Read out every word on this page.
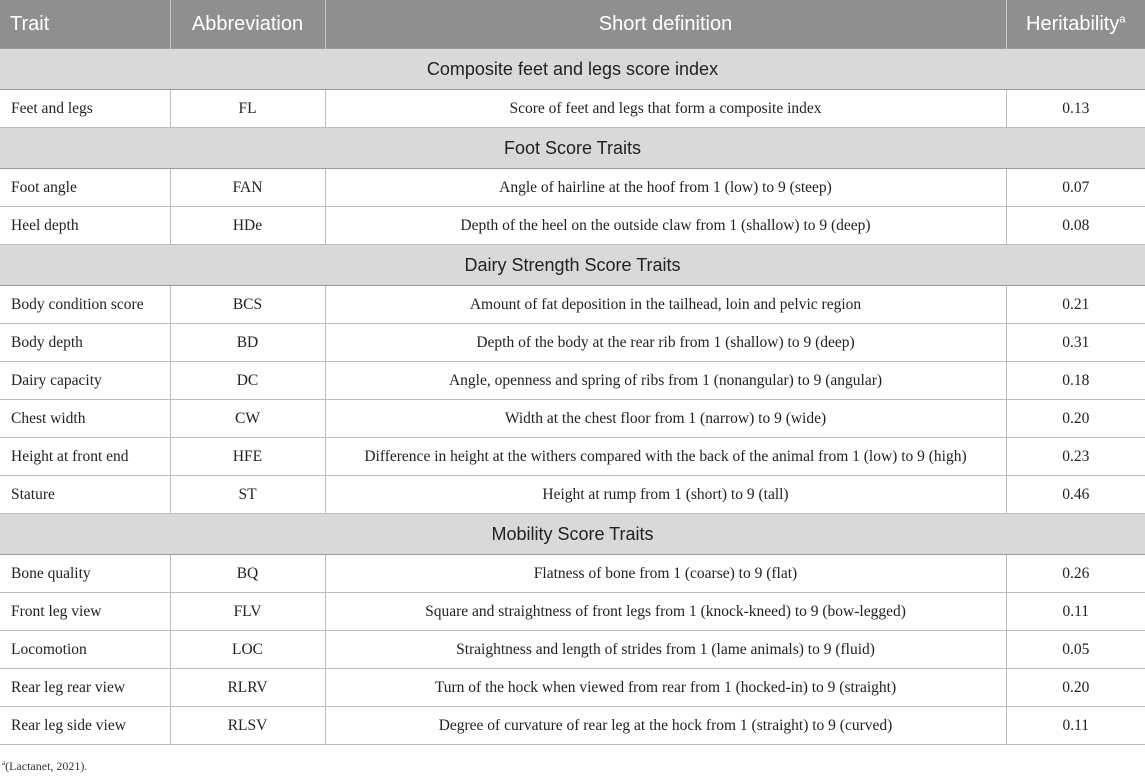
Trait	Abbreviation	Short definition	Heritability$^a$
Composite feet and legs score index			
Feet and legs	FL	Score of feet and legs that form a composite index	0.13
Foot Score Traits			
Foot angle	FAN	Angle of hairline at the hoof from 1 (low) to 9 (steep)	0.07
Heel depth	HDe	Depth of the heel on the outside claw from 1 (shallow) to 9 (deep)	0.08
Dairy Strength Score Traits			
Body condition score	BCS	Amount of fat deposition in the tailhead, loin and pelvic region	0.21
Body depth	BD	Depth of the body at the rear rib from 1 (shallow) to 9 (deep)	0.31
Dairy capacity	DC	Angle, openness and spring of ribs from 1 (nonangular) to 9 (angular)	0.18
Chest width	CW	Width at the chest floor from 1 (narrow) to 9 (wide)	0.20
Height at front end	HFE	Difference in height at the withers compared with the back of the animal from 1 (low) to 9 (high)	0.23
Stature	ST	Height at rump from 1 (short) to 9 (tall)	0.46
Mobility Score Traits			
Bone quality	BQ	Flatness of bone from 1 (coarse) to 9 (flat)	0.26
Front leg view	FLV	Square and straightness of front legs from 1 (knock-kneed) to 9 (bow-legged)	0.11
Locomotion	LOC	Straightness and length of strides from 1 (lame animals) to 9 (fluid)	0.05
Rear leg rear view	RLRV	Turn of the hock when viewed from rear from 1 (hocked-in) to 9 (straight)	0.20
Rear leg side view	RLSV	Degree of curvature of rear leg at the hock from 1 (straight) to 9 (curved)	0.11
$^a$(Lactanet, 2021).
